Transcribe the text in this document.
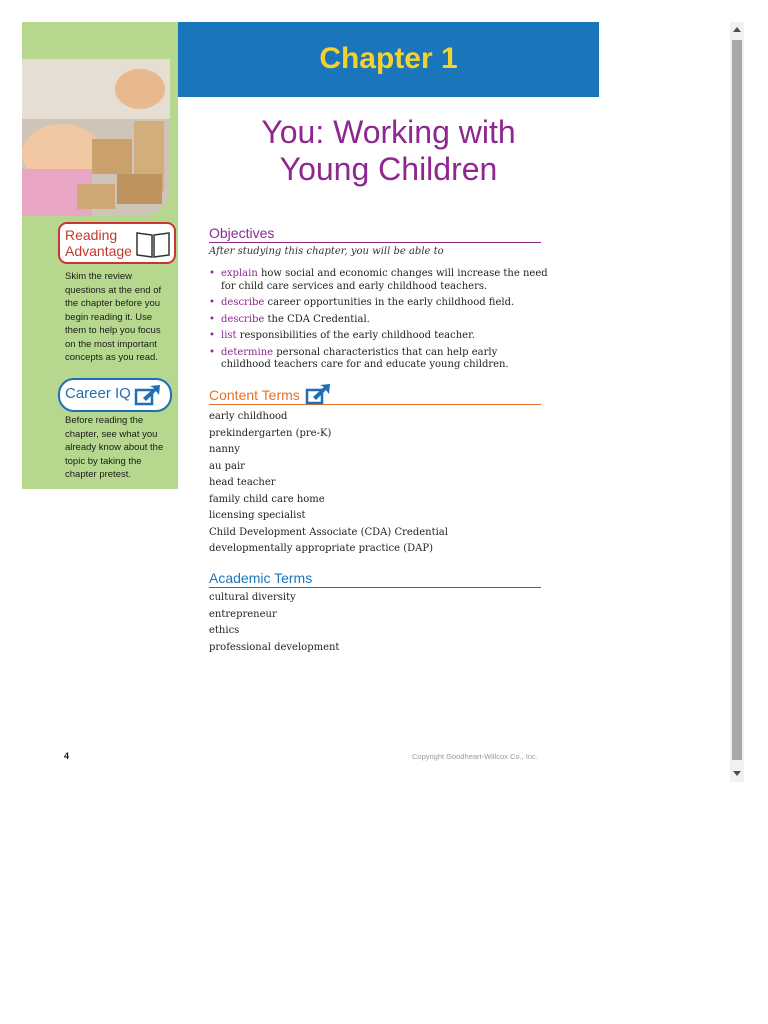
Reading
Advantage
Skim the review questions at the end of the chapter before you begin reading it. Use them to help you focus on the most important concepts as you read.
Career IQ
Before reading the chapter, see what you already know about the topic by taking the chapter pretest.
Chapter 1
You: Working with
Young Children
Objectives
After studying this chapter, you will be able to
• explain how social and economic changes will increase the need for child care services and early childhood teachers.
• describe career opportunities in the early childhood field.
• describe the CDA Credential.
• list responsibilities of the early childhood teacher.
• determine personal characteristics that can help early childhood teachers care for and educate young children.
Content Terms
early childhood
prekindergarten (pre-K)
nanny
au pair
head teacher
family child care home
licensing specialist
Child Development Associate (CDA) Credential
developmentally appropriate practice (DAP)
Academic Terms
cultural diversity
entrepreneur
ethics
professional development
4	Copyright Goodheart-Willcox Co., Inc.
